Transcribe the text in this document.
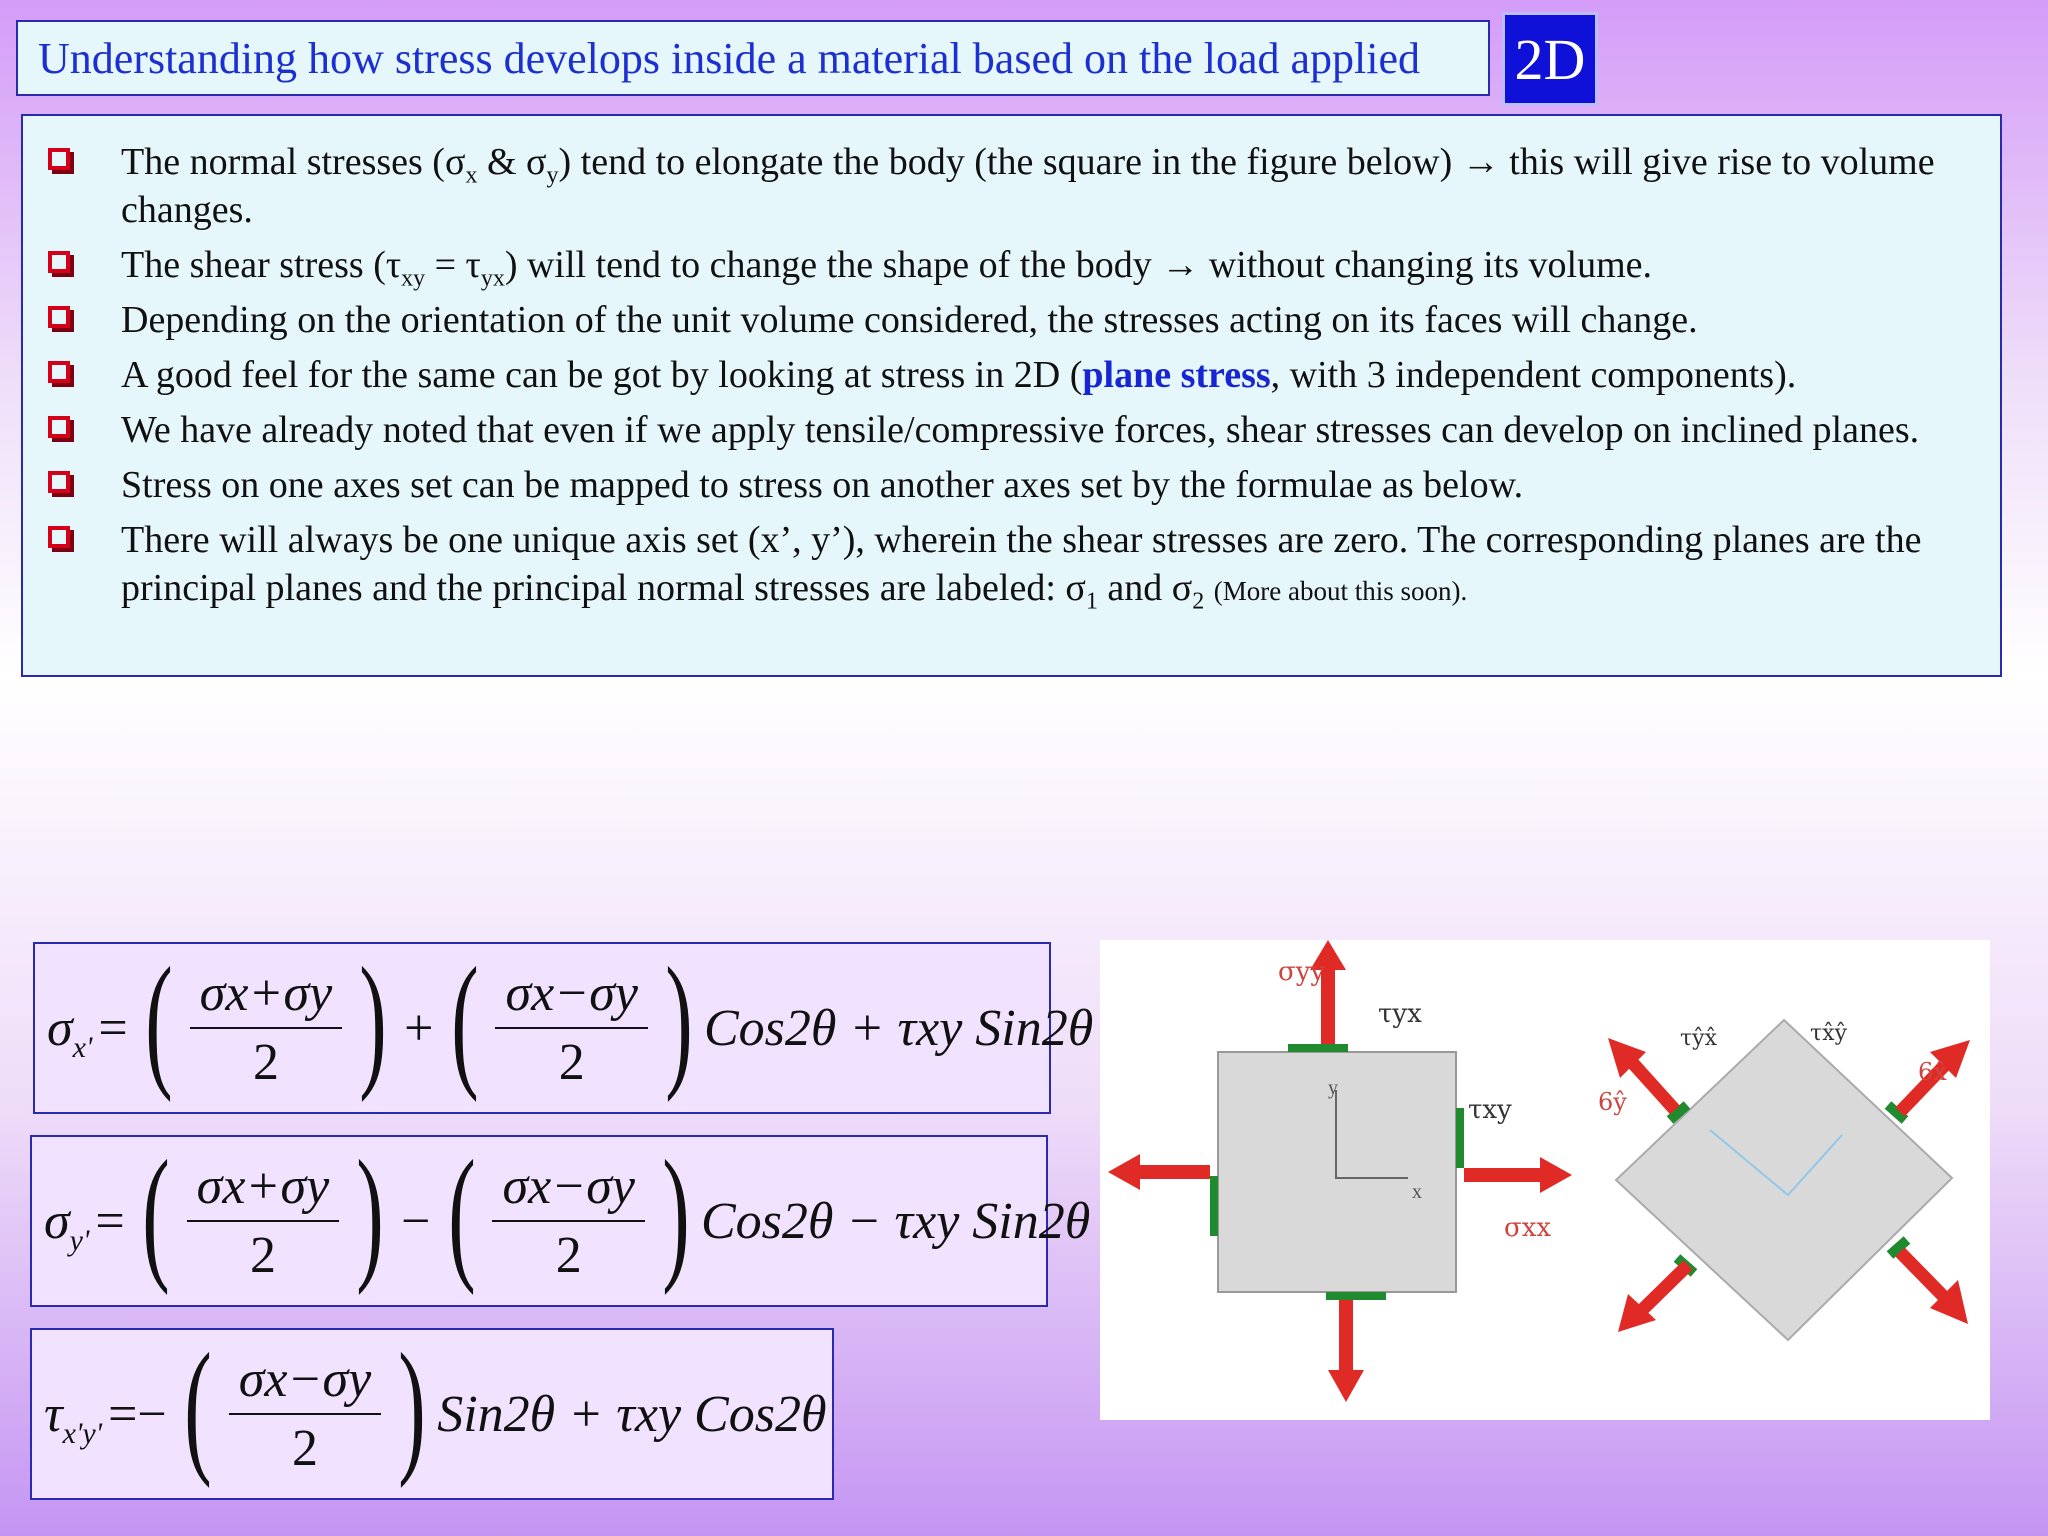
Understanding how stress develops inside a material based on the load applied 2D
The normal stresses ($\sigma_x$ & $\sigma_y$) tend to elongate the body (the square in the figure below) → this will give rise to volume changes.
The shear stress $(\tau_{xy} = \tau_{yx})$ will tend to change the shape of the body → without changing its volume.
Depending on the orientation of the unit volume considered, the stresses acting on its faces will change.
A good feel for the same can be got by looking at stress in 2D (plane stress, with 3 independent components).
We have already noted that even if we apply tensile/compressive forces, shear stresses can develop on inclined planes.
Stress on one axes set can be mapped to stress on another axes set by the formulae as below.
There will always be one unique axis set (x’, y’), wherein the shear stresses are zero. The corresponding planes are the principal planes and the principal normal stresses are labeled: $\sigma_1$ and $\sigma_2$ (More about this soon).
$\sigma_{x'}$ = ( $\frac{\sigma x+\sigma y}{2}$ ) + ( $\frac{\sigma x-\sigma y}{2}$ ) Cos2θ + τxy Sin2θ
$\sigma_{y'}$ = ( $\frac{\sigma x+\sigma y}{2}$ ) − ( $\frac{\sigma x-\sigma y}{2}$ ) Cos2θ − τxy Sin2θ
$\tau_{x'y'}$ =− ( $\frac{\sigma x-\sigma y}{2}$ ) Sin2θ + τxy Cos2θ
y
x
σyy
τyx
τxy
σxx
6ŷ
τŷx̂	τx̂ŷ
6x̂
